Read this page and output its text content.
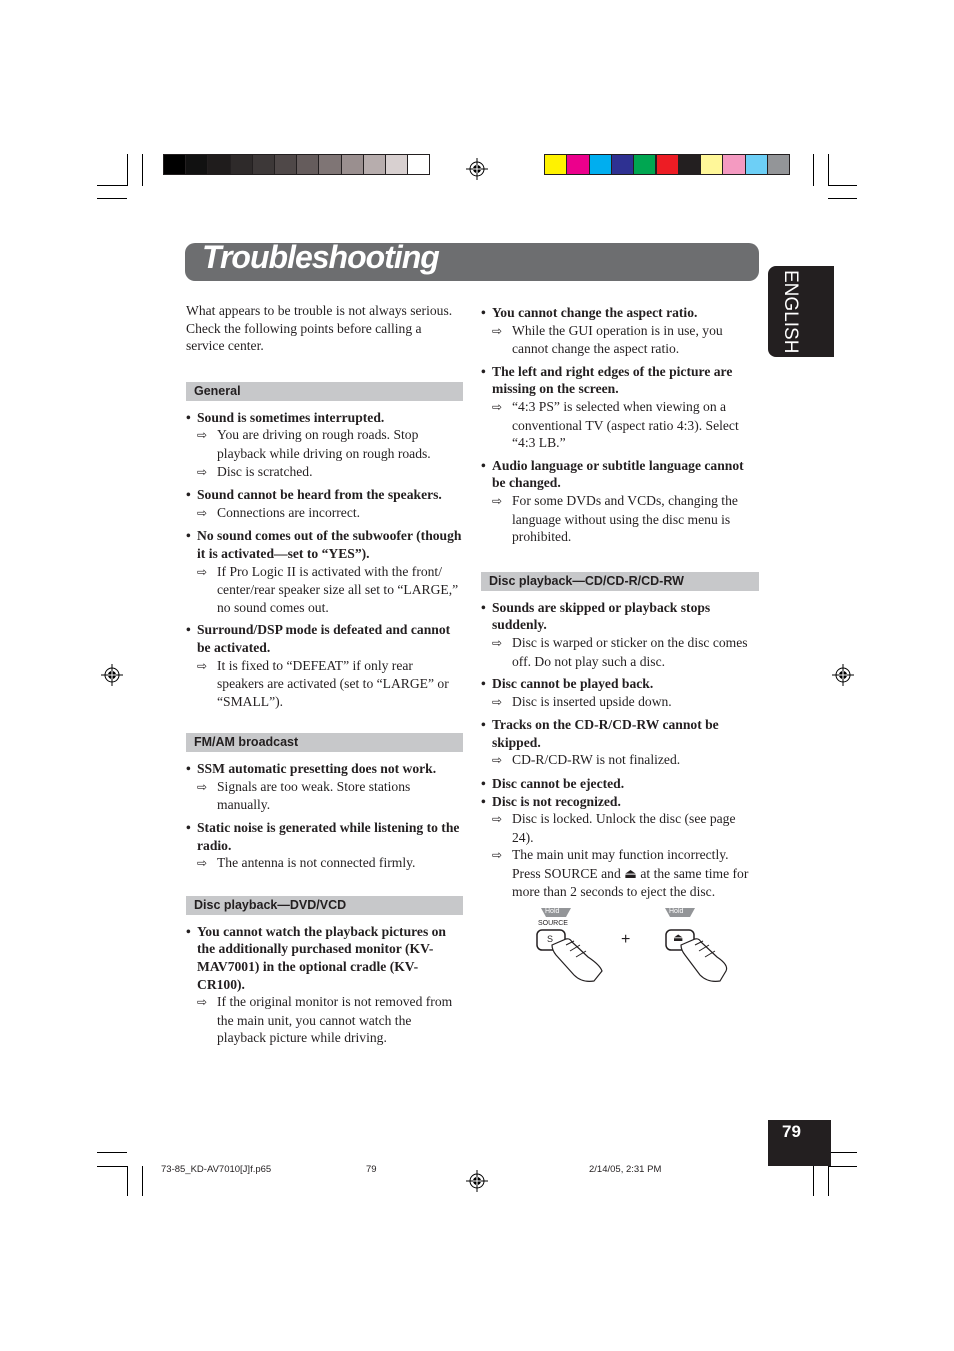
Troubleshooting
ENGLISH

What appears to be trouble is not always serious. Check the following points before calling a service center.

General
• Sound is sometimes interrupted.
⇨ You are driving on rough roads. Stop playback while driving on rough roads.
⇨ Disc is scratched.
• Sound cannot be heard from the speakers.
⇨ Connections are incorrect.
• No sound comes out of the subwoofer (though it is activated—set to “YES”).
⇨ If Pro Logic II is activated with the front/ center/rear speaker size all set to “LARGE,” no sound comes out.
• Surround/DSP mode is defeated and cannot be activated.
⇨ It is fixed to “DEFEAT” if only rear speakers are activated (set to “LARGE” or “SMALL”).
FM/AM broadcast
• SSM automatic presetting does not work.
⇨ Signals are too weak. Store stations manually.
• Static noise is generated while listening to the radio.
⇨ The antenna is not connected firmly.
Disc playback—DVD/VCD
• You cannot watch the playback pictures on the additionally purchased monitor (KV-MAV7001) in the optional cradle (KV-CR100).
⇨ If the original monitor is not removed from the main unit, you cannot watch the playback picture while driving.
• You cannot change the aspect ratio.
⇨ While the GUI operation is in use, you cannot change the aspect ratio.
• The left and right edges of the picture are missing on the screen.
⇨ “4:3 PS” is selected when viewing on a conventional TV (aspect ratio 4:3). Select “4:3 LB.”
• Audio language or subtitle language cannot be changed.
⇨ For some DVDs and VCDs, changing the language without using the disc menu is prohibited.
Disc playback—CD/CD-R/CD-RW
• Sounds are skipped or playback stops suddenly.
⇨ Disc is warped or sticker on the disc comes off. Do not play such a disc.
• Disc cannot be played back.
⇨ Disc is inserted upside down.
• Tracks on the CD-R/CD-RW cannot be skipped.
⇨ CD-R/CD-RW is not finalized.
• Disc cannot be ejected.
• Disc is not recognized.
⇨ Disc is locked. Unlock the disc (see page 24).
⇨ The main unit may function incorrectly. Press SOURCE and ⏏ at the same time for more than 2 seconds to eject the disc.
Hold	Hold
SOURCE
S	+	⏏
79
73-85_KD-AV7010[J]f.p65	79	2/14/05, 2:31 PM
